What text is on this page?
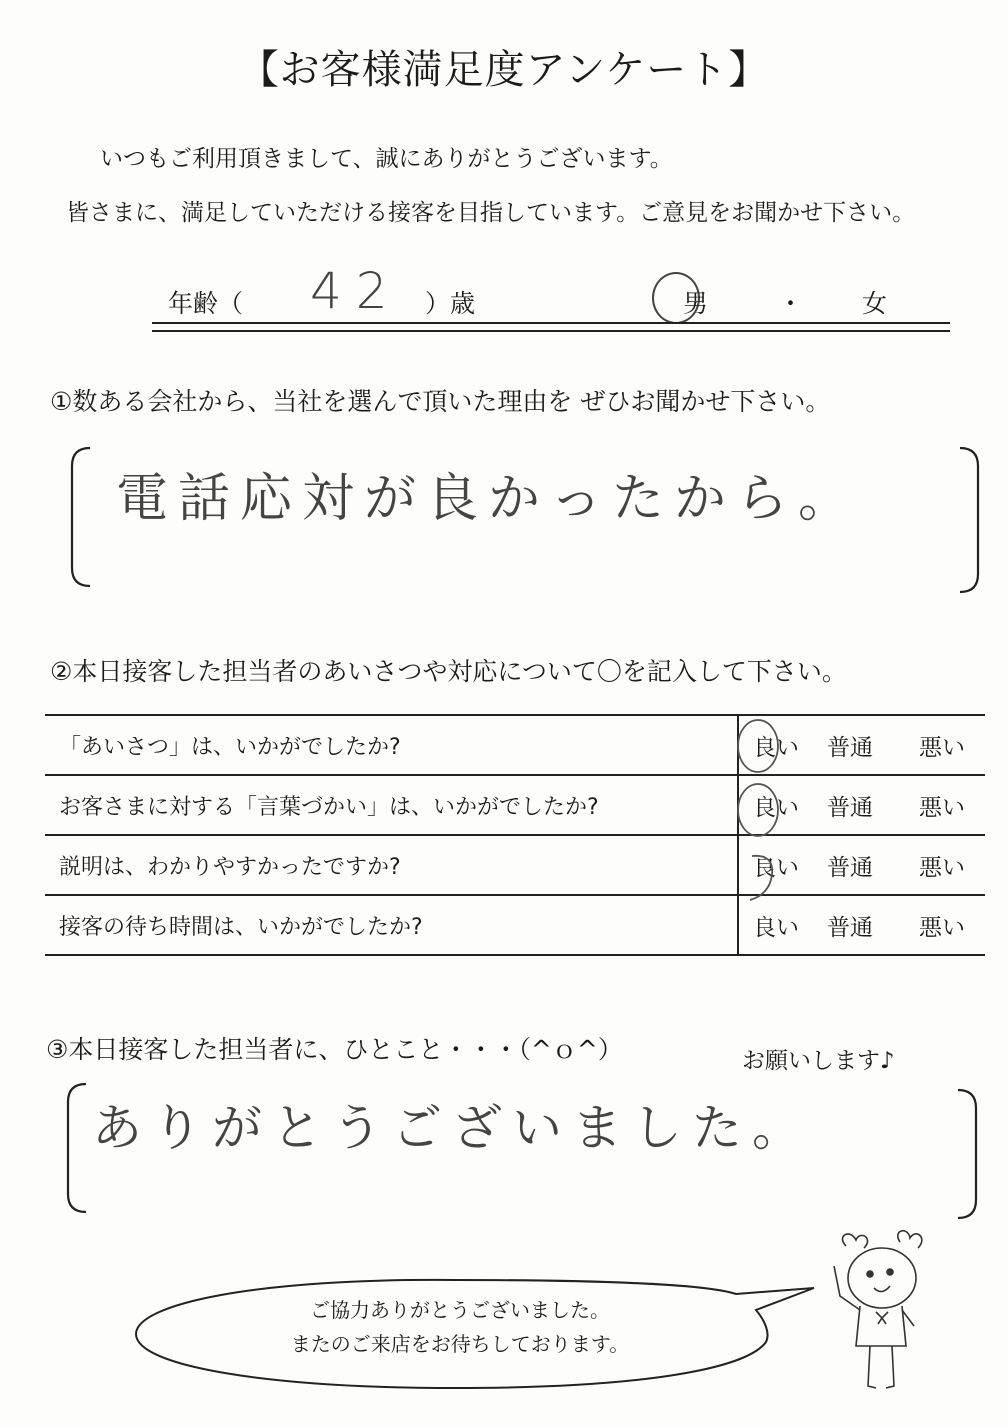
【お客様満足度アンケート】
いつもご利用頂きまして、誠にありがとうございます。
皆さまに、満足していただける接客を目指しています。ご意見をお聞かせ下さい。
年齢（ 42 ）歳	男	・ 女
①数ある会社から、当社を選んで頂いた理由を ぜひお聞かせ下さい。
電話応対が良かったから。
②本日接客した担当者のあいさつや対応について〇を記入して下さい。
「あいさつ」は、いかがでしたか?	良い 普通 悪い
お客さまに対する「言葉づかい」は、いかがでしたか?	良い 普通 悪い
説明は、わかりやすかったですか?	良い 普通 悪い
接客の待ち時間は、いかがでしたか?	良い 普通 悪い
③本日接客した担当者に、ひとこと・・・（^ｏ^）	お願いします♪
ありがとうございました。
ご協力ありがとうございました。
またのご来店をお待ちしております。
